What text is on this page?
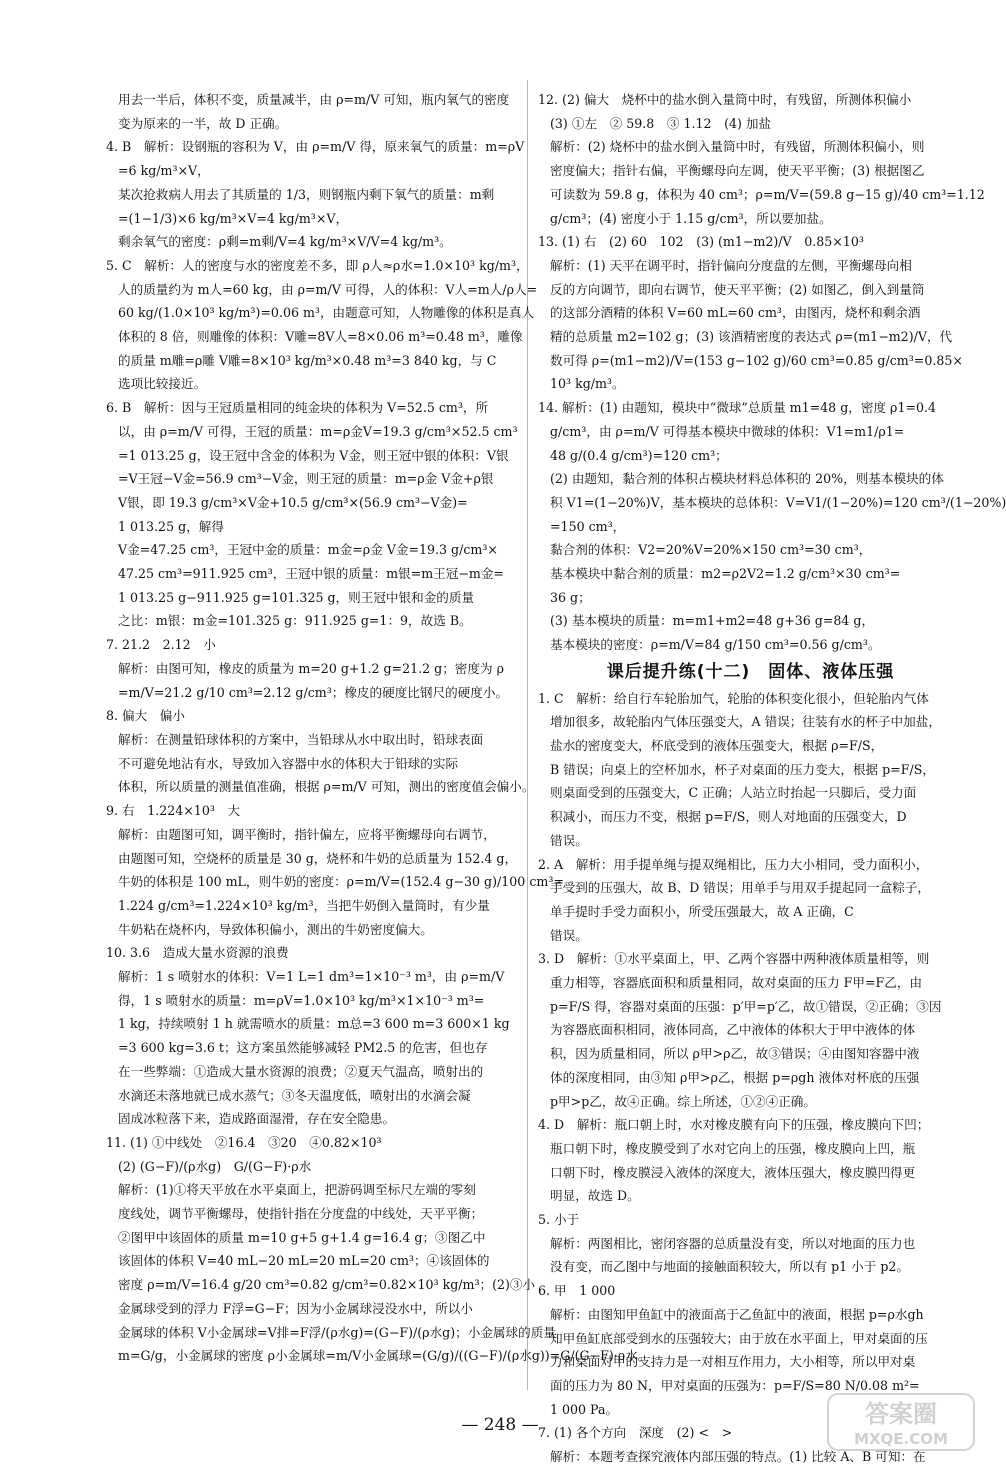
用去一半后，体积不变，质量减半，由 ρ=m/V 可知，瓶内氧气的密度
变为原来的一半，故 D 正确。
4. B　解析：设钢瓶的容积为 V，由 ρ=m/V 得，原来氧气的质量：m=ρV
=6 kg/m³×V，
某次抢救病人用去了其质量的 1/3，则钢瓶内剩下氧气的质量：m剩
=(1−1/3)×6 kg/m³×V=4 kg/m³×V，
剩余氧气的密度：ρ剩=m剩/V=4 kg/m³×V/V=4 kg/m³。
5. C　解析：人的密度与水的密度差不多，即 ρ人≈ρ水=1.0×10³ kg/m³，
人的质量约为 m人=60 kg，由 ρ=m/V 可得，人的体积：V人=m人/ρ人=
60 kg/(1.0×10³ kg/m³)=0.06 m³，由题意可知，人物雕像的体积是真人
体积的 8 倍，则雕像的体积：V雕=8V人=8×0.06 m³=0.48 m³，雕像
的质量 m雕=ρ雕 V雕=8×10³ kg/m³×0.48 m³=3 840 kg，与 C
选项比较接近。
6. B　解析：因与王冠质量相同的纯金块的体积为 V=52.5 cm³，所
以，由 ρ=m/V 可得，王冠的质量：m=ρ金V=19.3 g/cm³×52.5 cm³
=1 013.25 g，设王冠中含金的体积为 V金，则王冠中银的体积：V银
=V王冠−V金=56.9 cm³−V金，则王冠的质量：m=ρ金 V金+ρ银
V银，即 19.3 g/cm³×V金+10.5 g/cm³×(56.9 cm³−V金)=
1 013.25 g，解得
V金=47.25 cm³，王冠中金的质量：m金=ρ金 V金=19.3 g/cm³×
47.25 cm³=911.925 cm³，王冠中银的质量：m银=m王冠−m金=
1 013.25 g−911.925 g=101.325 g，则王冠中银和金的质量
之比：m银：m金=101.325 g：911.925 g=1：9，故选 B。
7. 21.2　2.12　小
解析：由图可知，橡皮的质量为 m=20 g+1.2 g=21.2 g；密度为 ρ
=m/V=21.2 g/10 cm³=2.12 g/cm³；橡皮的硬度比钢尺的硬度小。
8. 偏大　偏小
解析：在测量铅球体积的方案中，当铅球从水中取出时，铅球表面
不可避免地沾有水，导致加入容器中水的体积大于铅球的实际
体积，所以质量的测量值准确，根据 ρ=m/V 可知，测出的密度值会偏小。
9. 右　1.224×10³　大
解析：由题图可知，调平衡时，指针偏左，应将平衡螺母向右调节，
由题图可知，空烧杯的质量是 30 g，烧杯和牛奶的总质量为 152.4 g，
牛奶的体积是 100 mL，则牛奶的密度：ρ=m/V=(152.4 g−30 g)/100 cm³=
1.224 g/cm³=1.224×10³ kg/m³，当把牛奶倒入量筒时，有少量
牛奶粘在烧杯内，导致体积偏小，测出的牛奶密度偏大。
10. 3.6　造成大量水资源的浪费
解析：1 s 喷射水的体积：V=1 L=1 dm³=1×10⁻³ m³，由 ρ=m/V
得，1 s 喷射水的质量：m=ρV=1.0×10³ kg/m³×1×10⁻³ m³=
1 kg，持续喷射 1 h 就需喷水的质量：m总=3 600 m=3 600×1 kg
=3 600 kg=3.6 t；这方案虽然能够减轻 PM2.5 的危害，但也存
在一些弊端：①造成大量水资源的浪费；②夏天气温高，喷射出的
水滴还未落地就已成水蒸气；③冬天温度低，喷射出的水滴会凝
固成冰粒落下来，造成路面湿滑，存在安全隐患。
11. (1) ①中线处　②16.4　③20　④0.82×10³
(2) (G−F)/(ρ水g)　G/(G−F)·ρ水
解析：(1)①将天平放在水平桌面上，把游码调至标尺左端的零刻
度线处，调节平衡螺母，使指针指在分度盘的中线处，天平平衡；
②图甲中该固体的质量 m=10 g+5 g+1.4 g=16.4 g；③图乙中
该固体的体积 V=40 mL−20 mL=20 mL=20 cm³；④该固体的
密度 ρ=m/V=16.4 g/20 cm³=0.82 g/cm³=0.82×10³ kg/m³；(2)③小
金属球受到的浮力 F浮=G−F；因为小金属球浸没水中，所以小
金属球的体积 V小金属球=V排=F浮/(ρ水g)=(G−F)/(ρ水g)；小金属球的质量
m=G/g，小金属球的密度 ρ小金属球=m/V小金属球=(G/g)/((G−F)/(ρ水g))=G/(G−F)·ρ水。
12. (2) 偏大　烧杯中的盐水倒入量筒中时，有残留，所测体积偏小
(3) ①左　② 59.8　③ 1.12　(4) 加盐
解析：(2) 烧杯中的盐水倒入量筒中时，有残留，所测体积偏小，则
密度偏大；指针右偏，平衡螺母向左调，使天平平衡；(3) 根据图乙
可读数为 59.8 g，体积为 40 cm³；ρ=m/V=(59.8 g−15 g)/40 cm³=1.12
g/cm³；(4) 密度小于 1.15 g/cm³，所以要加盐。
13. (1) 右　(2) 60　102　(3) (m1−m2)/V　0.85×10³
解析：(1) 天平在调平时，指针偏向分度盘的左侧，平衡螺母向相
反的方向调节，即向右调节，使天平平衡；(2) 如图乙，倒入到量筒
的这部分酒精的体积 V=60 mL=60 cm³，由图丙，烧杯和剩余酒
精的总质量 m2=102 g；(3) 该酒精密度的表达式 ρ=(m1−m2)/V，代
数可得 ρ=(m1−m2)/V=(153 g−102 g)/60 cm³=0.85 g/cm³=0.85×
10³ kg/m³。
14. 解析：(1) 由题知，模块中“微球”总质量 m1=48 g，密度 ρ1=0.4
g/cm³，由 ρ=m/V 可得基本模块中微球的体积：V1=m1/ρ1=
48 g/(0.4 g/cm³)=120 cm³；
(2) 由题知，黏合剂的体积占模块材料总体积的 20%，则基本模块的体
积 V1=(1−20%)V，基本模块的总体积：V=V1/(1−20%)=120 cm³/(1−20%)
=150 cm³，
黏合剂的体积：V2=20%V=20%×150 cm³=30 cm³，
基本模块中黏合剂的质量：m2=ρ2V2=1.2 g/cm³×30 cm³=
36 g；
(3) 基本模块的质量：m=m1+m2=48 g+36 g=84 g，
基本模块的密度：ρ=m/V=84 g/150 cm³=0.56 g/cm³。
课后提升练(十二)　固体、液体压强
1. C　解析：给自行车轮胎加气，轮胎的体积变化很小，但轮胎内气体
增加很多，故轮胎内气体压强变大，A 错误；往装有水的杯子中加盐，
盐水的密度变大，杯底受到的液体压强变大，根据 ρ=F/S，
B 错误；向桌上的空杯加水，杯子对桌面的压力变大，根据 p=F/S，
则桌面受到的压强变大，C 正确；人站立时抬起一只脚后，受力面
积减小，而压力不变，根据 p=F/S，则人对地面的压强变大，D
错误。
2. A　解析：用手提单绳与提双绳相比，压力大小相同，受力面积小，
手受到的压强大，故 B、D 错误；用单手与用双手提起同一盒粽子，
单手提时手受力面积小，所受压强最大，故 A 正确，C
错误。
3. D　解析：①水平桌面上，甲、乙两个容器中两种液体质量相等，则
重力相等，容器底面积和质量相同，故对桌面的压力 F甲=F乙，由
p=F/S 得，容器对桌面的压强：p′甲=p′乙，故①错误，②正确；③因
为容器底面积相同，液体同高，乙中液体的体积大于甲中液体的体
积，因为质量相同，所以 ρ甲>ρ乙，故③错误；④由图知容器中液
体的深度相同，由③知 ρ甲>ρ乙，根据 p=ρgh 液体对杯底的压强
p甲>p乙，故④正确。综上所述，①②④正确。
4. D　解析：瓶口朝上时，水对橡皮膜有向下的压强，橡皮膜向下凹；
瓶口朝下时，橡皮膜受到了水对它向上的压强，橡皮膜向上凹，瓶
口朝下时，橡皮膜浸入液体的深度大，液体压强大，橡皮膜凹得更
明显，故选 D。
5. 小于
解析：两图相比，密闭容器的总质量没有变，所以对地面的压力也
没有变，而乙图中与地面的接触面积较大，所以有 p1 小于 p2。
6. 甲　1 000
解析：由图知甲鱼缸中的液面高于乙鱼缸中的液面，根据 p=ρ水gh
知甲鱼缸底部受到水的压强较大；由于放在水平面上，甲对桌面的压
力和桌面对甲的支持力是一对相互作用力，大小相等，所以甲对桌
面的压力为 80 N，甲对桌面的压强为：p=F/S=80 N/0.08 m²=
1 000 Pa。
7. (1) 各个方向　深度　(2) <　>
解析：本题考查探究液体内部压强的特点。(1) 比较 A、B 可知：在
— 248 —	答案圈
MXQE.COM
